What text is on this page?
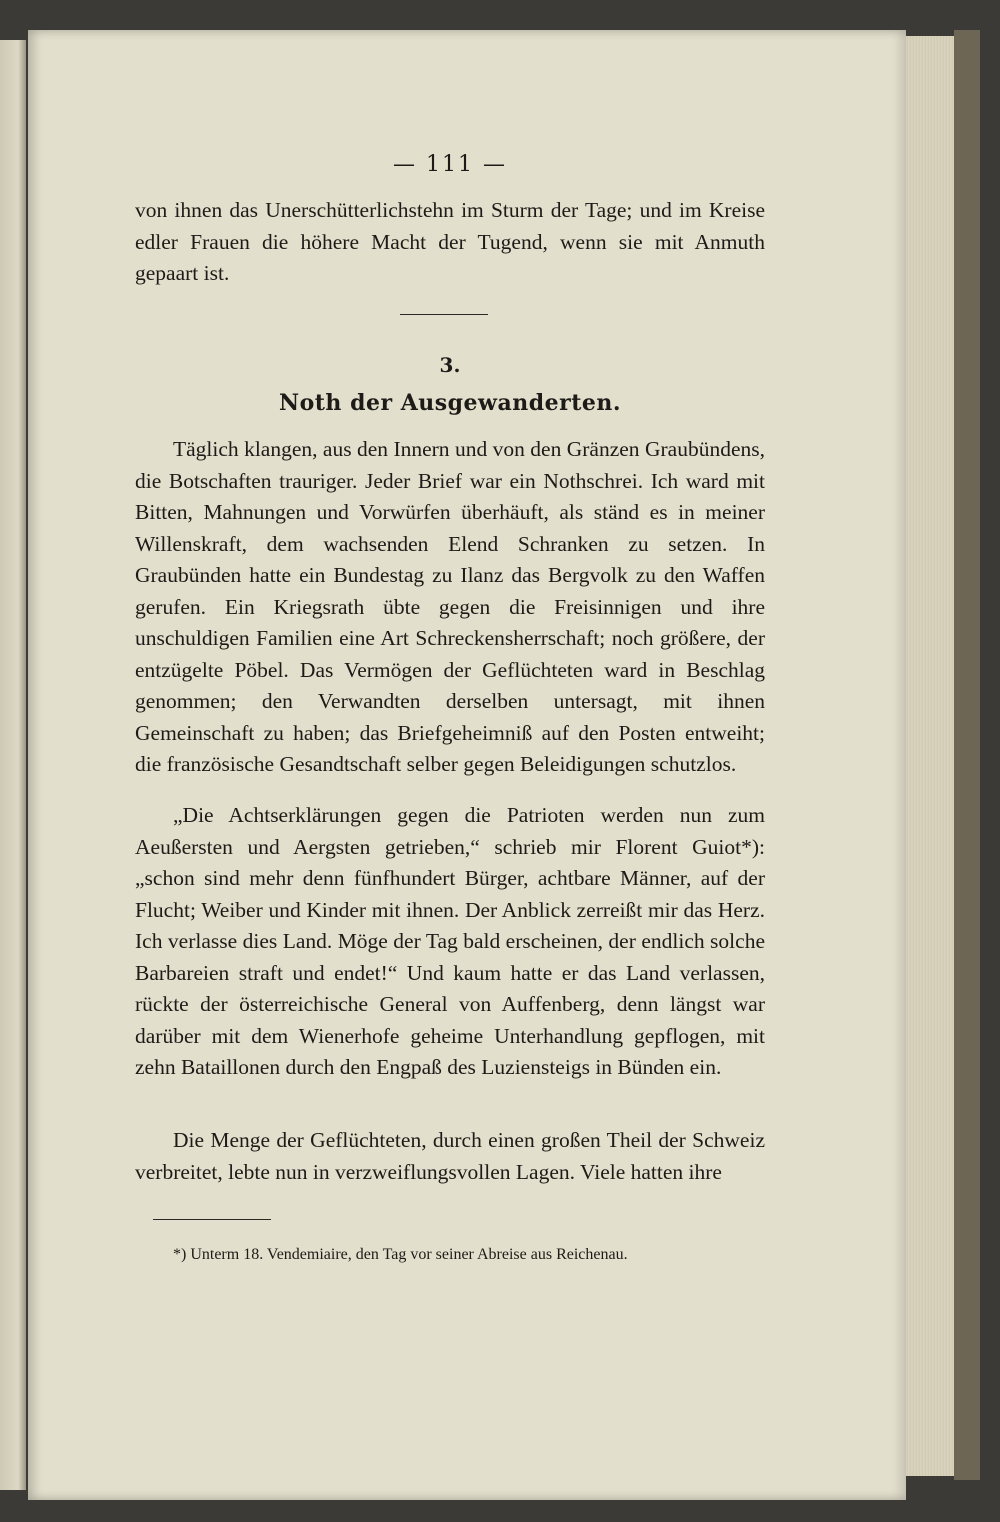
— 111 —

von ihnen das Unerschütterlichstehn im Sturm der Tage; und im Kreise edler Frauen die höhere Macht der Tugend, wenn sie mit Anmuth gepaart ist.

3.
Noth der Ausgewanderten.

Täglich klangen, aus den Innern und von den Gränzen Graubündens, die Botschaften trauriger. Jeder Brief war ein Nothschrei. Ich ward mit Bitten, Mahnungen und Vorwürfen überhäuft, als ständ es in meiner Willenskraft, dem wachsenden Elend Schranken zu setzen. In Graubünden hatte ein Bundestag zu Ilanz das Bergvolk zu den Waffen gerufen. Ein Kriegsrath übte gegen die Freisinnigen und ihre unschuldigen Familien eine Art Schreckensherrschaft; noch größere, der entzügelte Pöbel. Das Vermögen der Geflüchteten ward in Beschlag genommen; den Verwandten derselben untersagt, mit ihnen Gemeinschaft zu haben; das Briefgeheimniß auf den Posten entweiht; die französische Gesandtschaft selber gegen Beleidigungen schutzlos.

„Die Achtserklärungen gegen die Patrioten werden nun zum Aeußersten und Aergsten getrieben,“ schrieb mir Florent Guiot*): „schon sind mehr denn fünfhundert Bürger, achtbare Männer, auf der Flucht; Weiber und Kinder mit ihnen. Der Anblick zerreißt mir das Herz. Ich verlasse dies Land. Möge der Tag bald erscheinen, der endlich solche Barbareien straft und endet!“ Und kaum hatte er das Land verlassen, rückte der österreichische General von Auffenberg, denn längst war darüber mit dem Wienerhofe geheime Unterhandlung gepflogen, mit zehn Bataillonen durch den Engpaß des Luziensteigs in Bünden ein.

Die Menge der Geflüchteten, durch einen großen Theil der Schweiz verbreitet, lebte nun in verzweiflungsvollen Lagen. Viele hatten ihre

*) Unterm 18. Vendemiaire, den Tag vor seiner Abreise aus Reichenau.
